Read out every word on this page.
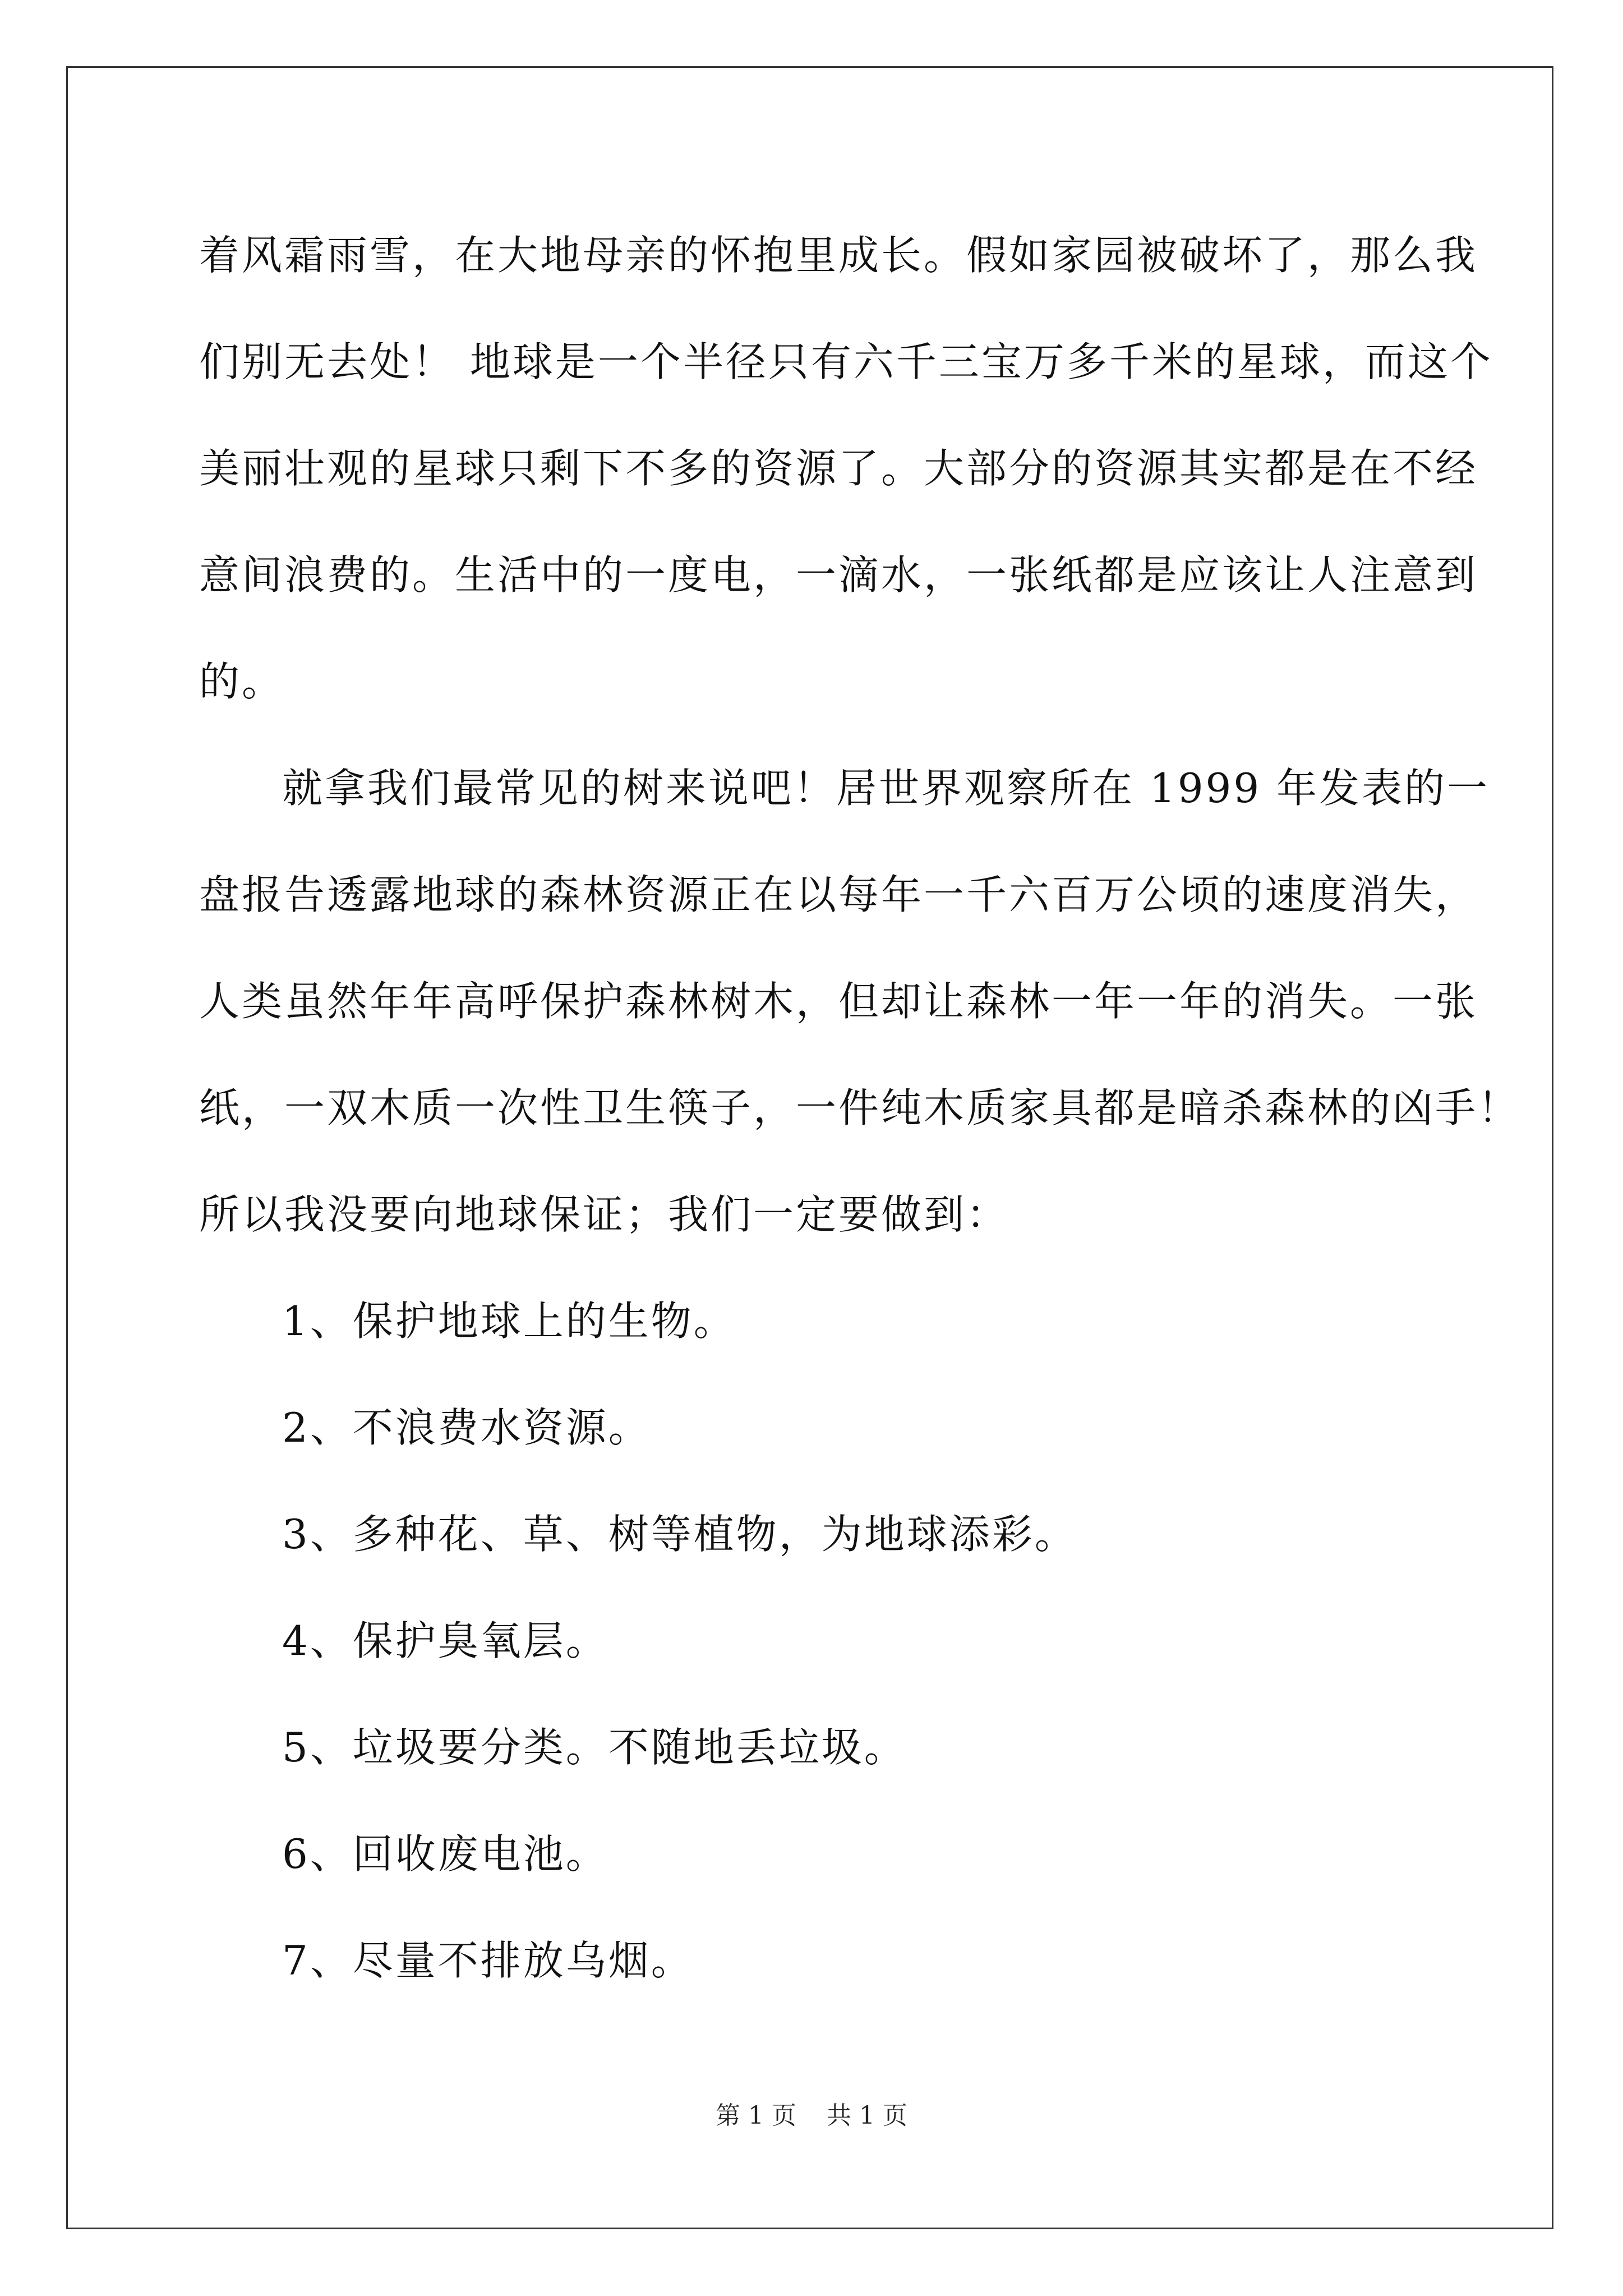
着风霜雨雪，在大地母亲的怀抱里成长。假如家园被破坏了，那么我
们别无去处！ 地球是一个半径只有六千三宝万多千米的星球，而这个
美丽壮观的星球只剩下不多的资源了。大部分的资源其实都是在不经
意间浪费的。生活中的一度电，一滴水，一张纸都是应该让人注意到
的。
就拿我们最常见的树来说吧！居世界观察所在 1999 年发表的一
盘报告透露地球的森林资源正在以每年一千六百万公顷的速度消失，
人类虽然年年高呼保护森林树木，但却让森林一年一年的消失。一张
纸，一双木质一次性卫生筷子，一件纯木质家具都是暗杀森林的凶手！
所以我没要向地球保证；我们一定要做到：
1、保护地球上的生物。
2、不浪费水资源。
3、多种花、草、树等植物，为地球添彩。
4、保护臭氧层。
5、垃圾要分类。不随地丢垃圾。
6、回收废电池。
7、尽量不排放乌烟。
第 1 页 共 1 页
